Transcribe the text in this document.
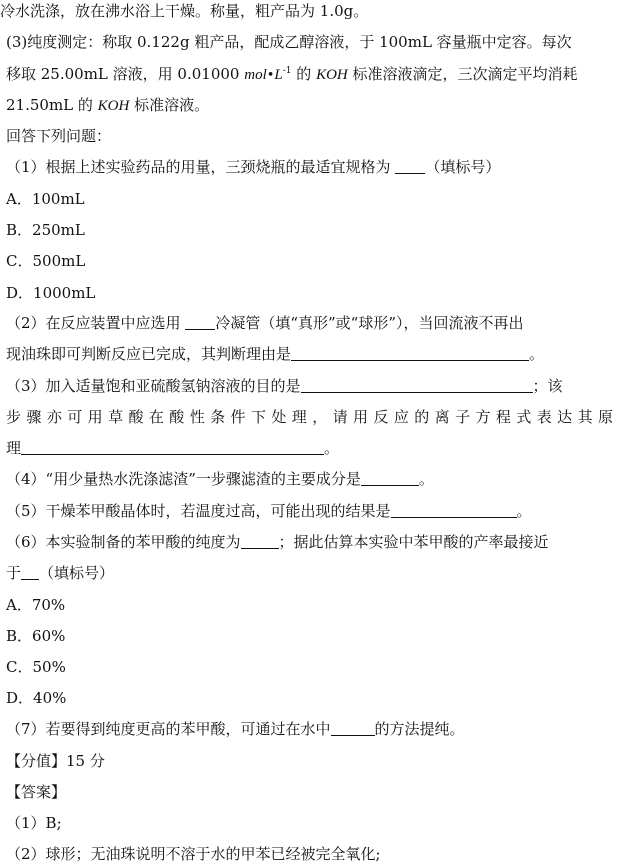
冷水洗涤，放在沸水浴上干燥。称量，粗产品为 1.0g。
(3)纯度测定：称取 0.122g 粗产品，配成乙醇溶液，于 100mL 容量瓶中定容。每次
移取 25.00mL 溶液，用 0.01000 $mol•L^{-1}$ 的 KOH 标准溶液滴定，三次滴定平均消耗
21.50mL 的 KOH 标准溶液。
回答下列问题：
（1）根据上述实验药品的用量，三颈烧瓶的最适宜规格为 （填标号）
A．100mL
B．250mL
C．500mL
D．1000mL
（2）在反应装置中应选用 冷凝管（填“真形”或“球形”），当回流液不再出
现油珠即可判断反应已完成，其判断理由是	。
（3）加入适量饱和亚硫酸氢钠溶液的目的是	；该
步骤亦可用草酸在酸性条件下处理，请用反应的离子方程式表达其原
理	。
（4）“用少量热水洗涤滤渣”一步骤滤渣的主要成分是	。
（5）干燥苯甲酸晶体时，若温度过高，可能出现的结果是	。
（6）本实验制备的苯甲酸的纯度为	；据此估算本实验中苯甲酸的产率最接近
于 （填标号）
A．70%
B．60%
C．50%
D．40%
（7）若要得到纯度更高的苯甲酸，可通过在水中	的方法提纯。
【分值】15 分
【答案】
（1）B;
（2）球形；无油珠说明不溶于水的甲苯已经被完全氧化;
